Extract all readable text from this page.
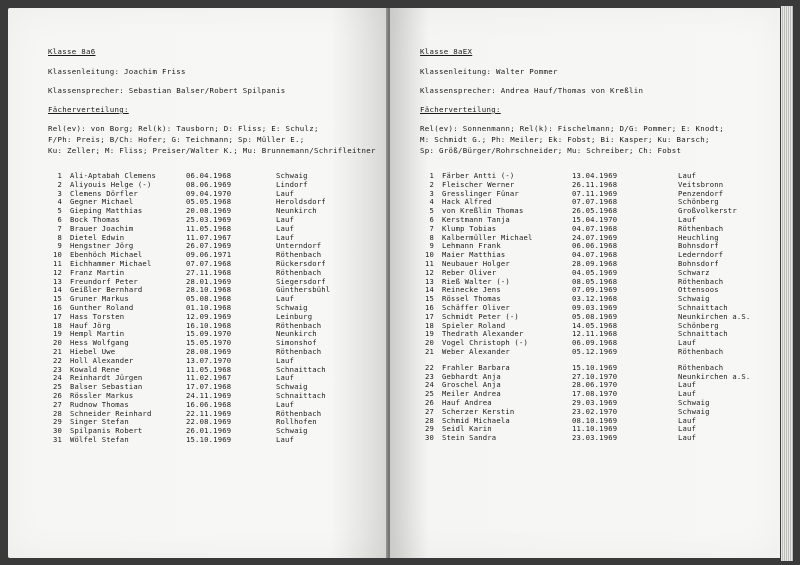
Klasse 8a6
Klassenleitung: Joachim Friss
Klassensprecher: Sebastian Balser/Robert Spilpanis
Fächerverteilung:
Rel(ev): von Borg; Rel(k): Tausborn; D: Fliss; E: Schulz;
F/Ph: Preis; B/Ch: Hofer; G: Teichmann; Sp: Müller E.;
Ku: Zeller; M: Fliss; Preiser/Walter K.; Mu: Brunnemann/Schrifleitner
1	Ali-Aptabah Clemens	06.04.1968	Schwaig
2	Aliyouis Helge (-)	08.06.1969	Lindorf
3	Clemens Dörfler	09.04.1970	Lauf
4	Gegner Michael	05.05.1968	Heroldsdorf
5	Gieping Matthias	20.08.1969	Neunkirch
6	Bock Thomas	25.03.1969	Lauf
7	Brauer Joachim	11.05.1968	Lauf
8	Dietel Edwin	11.07.1967	Lauf
9	Hengstner Jörg	26.07.1969	Unterndorf
10	Ebenhöch Michael	09.06.1971	Röthenbach
11	Eichhammer Michael	07.07.1968	Rückersdorf
12	Franz Martin	27.11.1968	Röthenbach
13	Freundorf Peter	28.01.1969	Siegersdorf
14	Geißler Bernhard	28.10.1968	Günthersbühl
15	Gruner Markus	05.08.1968	Lauf
16	Gunther Roland	01.10.1968	Schwaig
17	Hass Torsten	12.09.1969	Leinburg
18	Hauf Jörg	16.10.1968	Röthenbach
19	Hempl Martin	15.09.1970	Neunkirch
20	Hess Wolfgang	15.05.1970	Simonshof
21	Hiebel Uwe	28.08.1969	Röthenbach
22	Holl Alexander	13.07.1970	Lauf
23	Kowald Rene	11.05.1968	Schnaittach
24	Reinhardt Jürgen	11.02.1967	Lauf
25	Balser Sebastian	17.07.1968	Schwaig
26	Rössler Markus	24.11.1969	Schnaittach
27	Rudnow Thomas	16.06.1968	Lauf
28	Schneider Reinhard	22.11.1969	Röthenbach
29	Singer Stefan	22.08.1969	Rollhofen
30	Spilpanis Robert	26.01.1969	Schwaig
31	Wölfel Stefan	15.10.1969	Lauf
Klasse 8aEX
Klassenleitung: Walter Pommer
Klassensprecher: Andrea Hauf/Thomas von Kreßlin
Fächerverteilung:
Rel(ev): Sonnenmann; Rel(k): Fischelmann; D/G: Pommer; E: Knodt;
M: Schmidt G.; Ph: Meiler; Ek: Fobst; Bi: Kasper; Ku: Barsch;
Sp: Größ/Bürger/Rohrschneider; Mu: Schreiber; Ch: Fobst
1	Färber Antti (-)	13.04.1969	Lauf
2	Fleischer Werner	26.11.1968	Veitsbronn
3	Gresslinger Fünar	07.11.1969	Penzendorf
4	Hack Alfred	07.07.1968	Schönberg
5	von Kreßlin Thomas	26.05.1968	Großvolkerstr
6	Kerstmann Tanja	15.04.1970	Lauf
7	Klump Tobias	04.07.1968	Röthenbach
8	Kalbermüller Michael	24.07.1969	Heuchling
9	Lehmann Frank	06.06.1968	Bohnsdorf
10	Maier Matthias	04.07.1968	Lederndorf
11	Neubauer Holger	28.09.1968	Bohnsdorf
12	Reber Oliver	04.05.1969	Schwarz
13	Rieß Walter (-)	08.05.1968	Röthenbach
14	Reinecke Jens	07.09.1969	Ottensoos
15	Rössel Thomas	03.12.1968	Schwaig
16	Schäffer Oliver	09.03.1969	Schnaittach
17	Schmidt Peter (-)	05.08.1969	Neunkirchen a.S.
18	Spieler Roland	14.05.1968	Schönberg
19	Thedrath Alexander	12.11.1968	Schnaittach
20	Vogel Christoph (-)	06.09.1968	Lauf
21	Weber Alexander	05.12.1969	Röthenbach

22	Frahler Barbara	15.10.1969	Röthenbach
23	Gebhardt Anja	27.10.1970	Neunkirchen a.S.
24	Groschel Anja	28.06.1970	Lauf
25	Meiler Andrea	17.08.1970	Lauf
26	Hauf Andrea	29.03.1969	Schwaig
27	Scherzer Kerstin	23.02.1970	Schwaig
28	Schmid Michaela	08.10.1969	Lauf
29	Seidl Karin	11.10.1969	Lauf
30	Stein Sandra	23.03.1969	Lauf
